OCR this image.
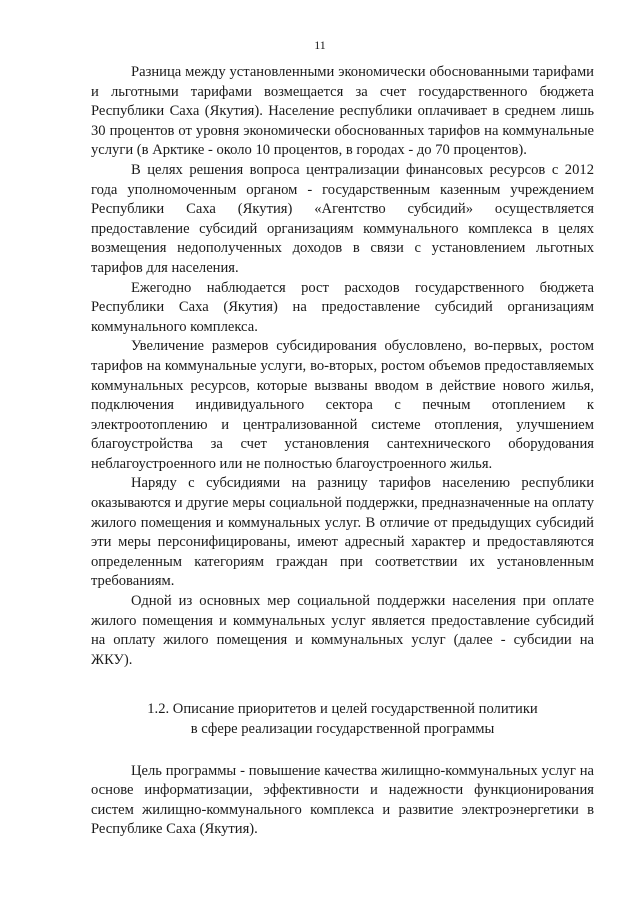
11

Разница между установленными экономически обоснованными тарифами и льготными тарифами возмещается за счет государственного бюджета Республики Саха (Якутия). Население республики оплачивает в среднем лишь 30 процентов от уровня экономически обоснованных тарифов на коммунальные услуги (в Арктике - около 10 процентов, в городах - до 70 процентов).

В целях решения вопроса централизации финансовых ресурсов с 2012 года уполномоченным органом - государственным казенным учреждением Республики Саха (Якутия) «Агентство субсидий» осуществляется предоставление субсидий организациям коммунального комплекса в целях возмещения недополученных доходов в связи с установлением льготных тарифов для населения.

Ежегодно наблюдается рост расходов государственного бюджета Республики Саха (Якутия) на предоставление субсидий организациям коммунального комплекса.

Увеличение размеров субсидирования обусловлено, во-первых, ростом тарифов на коммунальные услуги, во-вторых, ростом объемов предоставляемых коммунальных ресурсов, которые вызваны вводом в действие нового жилья, подключения индивидуального сектора с печным отоплением к электроотоплению и централизованной системе отопления, улучшением благоустройства за счет установления сантехнического оборудования неблагоустроенного или не полностью благоустроенного жилья.

Наряду с субсидиями на разницу тарифов населению республики оказываются и другие меры социальной поддержки, предназначенные на оплату жилого помещения и коммунальных услуг. В отличие от предыдущих субсидий эти меры персонифицированы, имеют адресный характер и предоставляются определенным категориям граждан при соответствии их установленным требованиям.

Одной из основных мер социальной поддержки населения при оплате жилого помещения и коммунальных услуг является предоставление субсидий на оплату жилого помещения и коммунальных услуг (далее - субсидии на ЖКУ).

1.2. Описание приоритетов и целей государственной политики
в сфере реализации государственной программы

Цель программы - повышение качества жилищно-коммунальных услуг на основе информатизации, эффективности и надежности функционирования систем жилищно-коммунального комплекса и развитие электроэнергетики в Республике Саха (Якутия).
